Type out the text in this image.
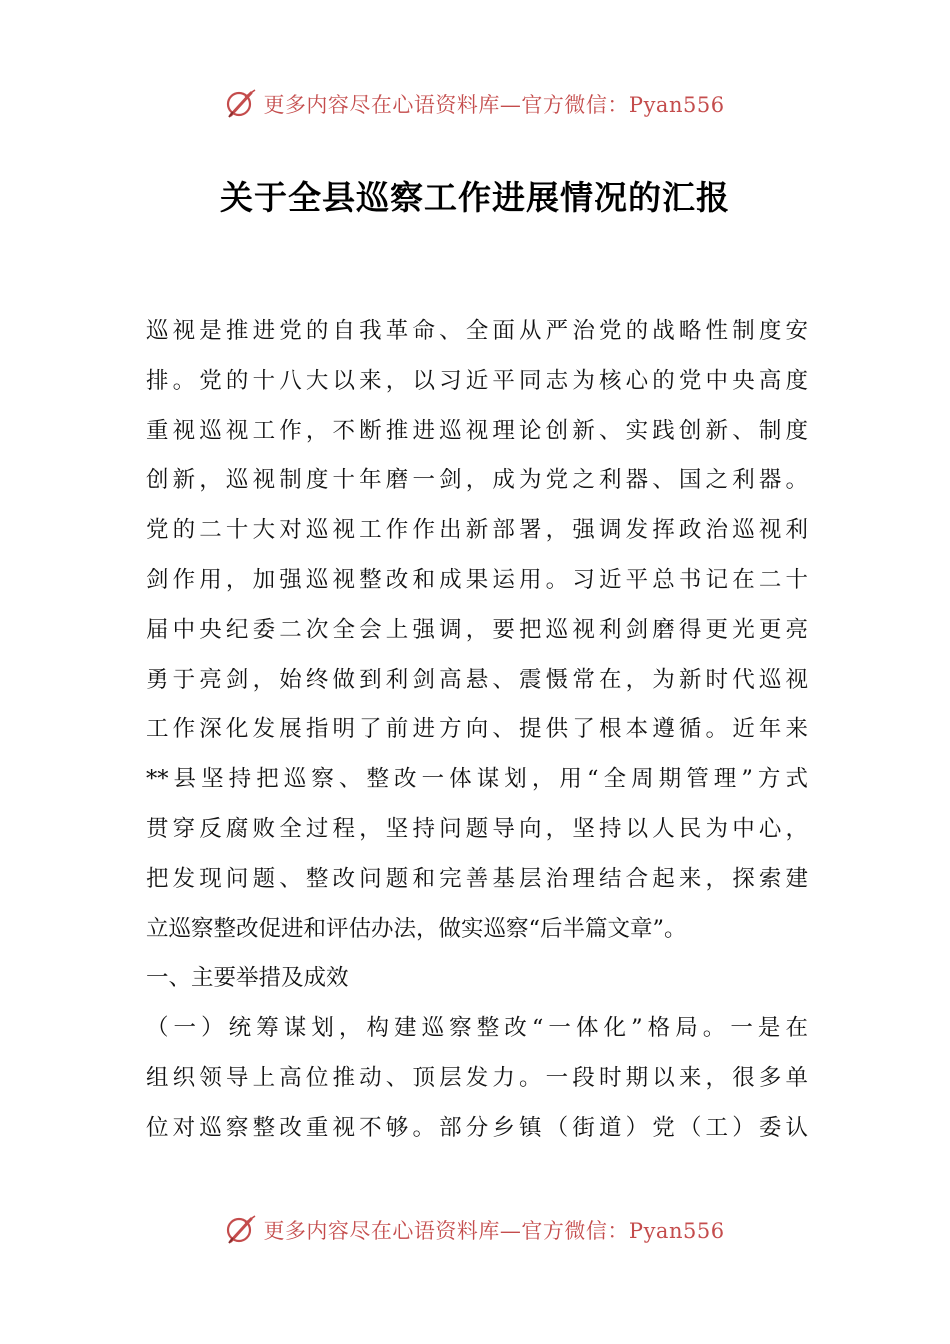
更多内容尽在心语资料库—官方微信：Pyan556
关于全县巡察工作进展情况的汇报
巡视是推进党的自我革命、全面从严治党的战略性制度安
排。党的十八大以来，以习近平同志为核心的党中央高度
重视巡视工作，不断推进巡视理论创新、实践创新、制度
创新，巡视制度十年磨一剑，成为党之利器、国之利器。
党的二十大对巡视工作作出新部署，强调发挥政治巡视利
剑作用，加强巡视整改和成果运用。习近平总书记在二十
届中央纪委二次全会上强调，要把巡视利剑磨得更光更亮
勇于亮剑，始终做到利剑高悬、震慑常在，为新时代巡视
工作深化发展指明了前进方向、提供了根本遵循。近年来
**县坚持把巡察、整改一体谋划，用“全周期管理”方式
贯穿反腐败全过程，坚持问题导向，坚持以人民为中心，
把发现问题、整改问题和完善基层治理结合起来，探索建
立巡察整改促进和评估办法，做实巡察“后半篇文章”。
一、主要举措及成效
（一）统筹谋划，构建巡察整改“一体化”格局。一是在
组织领导上高位推动、顶层发力。一段时期以来，很多单
位对巡察整改重视不够。部分乡镇（街道）党（工）委认
更多内容尽在心语资料库—官方微信：Pyan556
